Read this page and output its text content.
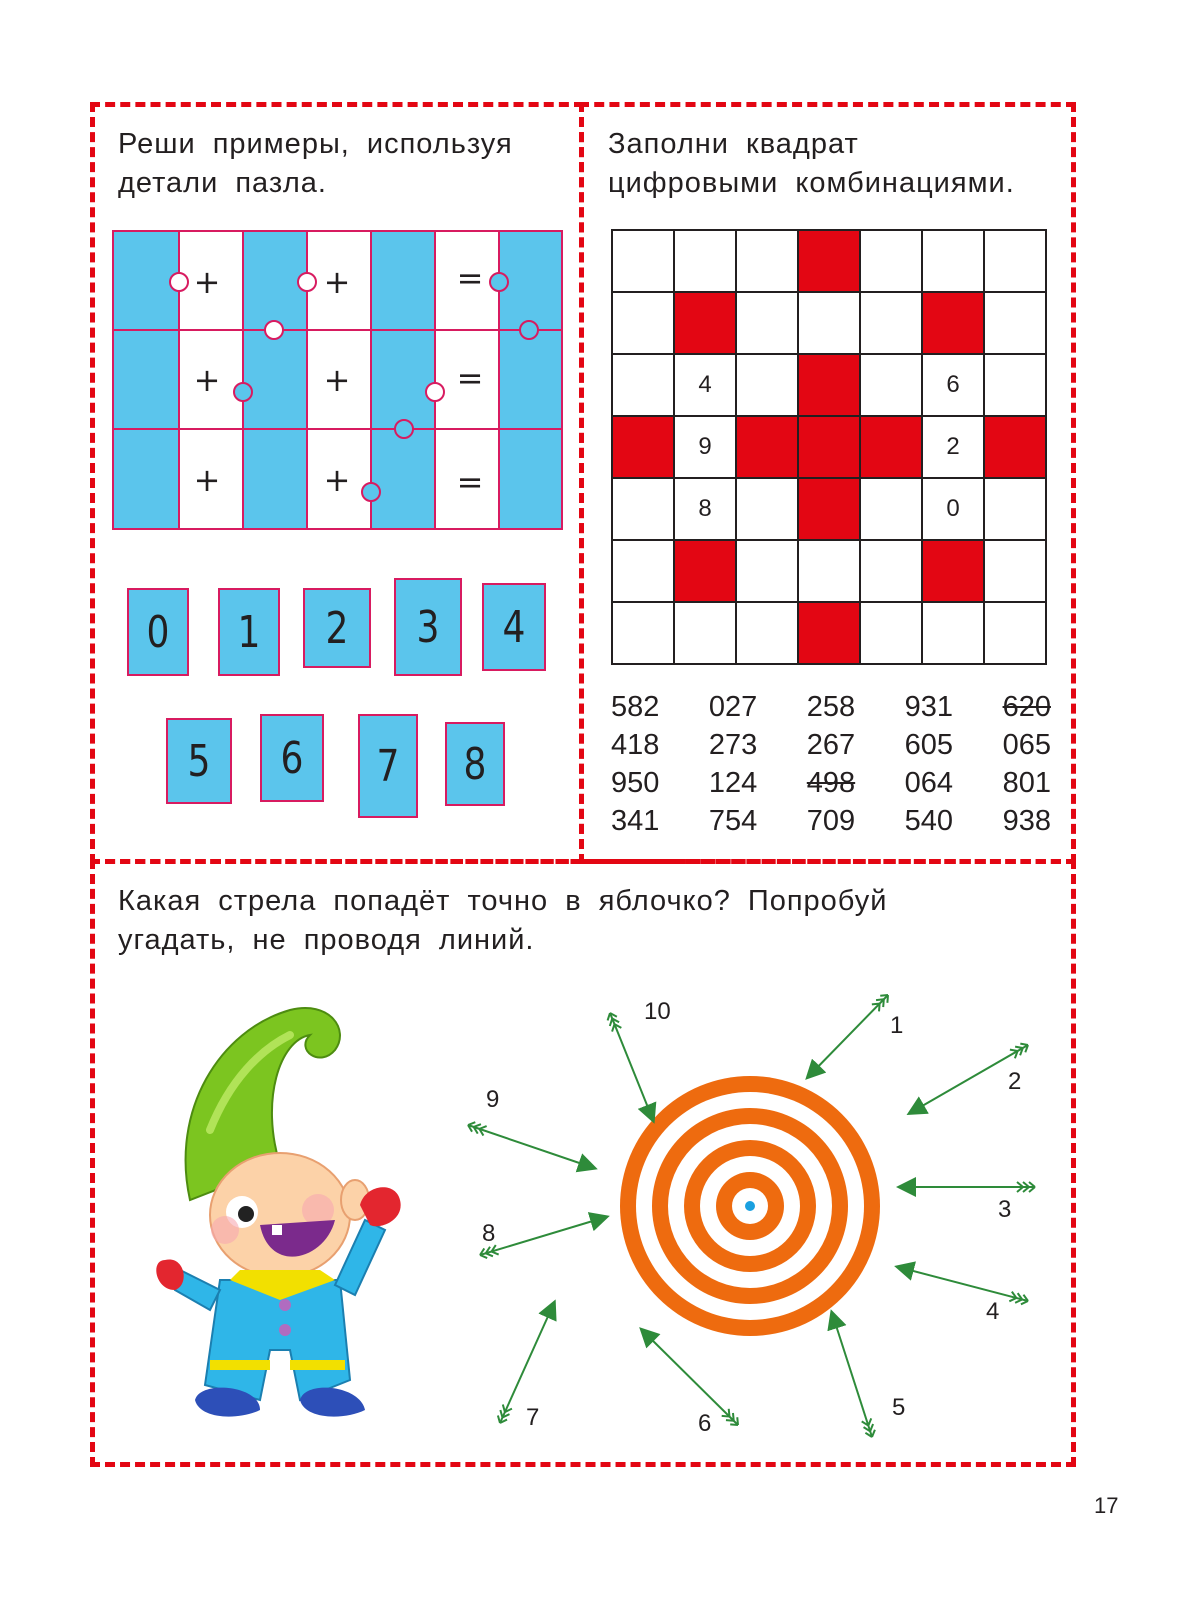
Реши примеры, используя
детали пазла.
+	+	=
+	+	=
+	+	=
0 1 2 3 4
5 6 7 8
Заполни квадрат
цифровыми комбинациями.

	4				6	
	9				2	
	8				0	

582 027 258 931 620
418 273 267 605 065
950 124 498 064 801
341 754 709 540 938
Какая стрела попадёт точно в яблочко? Попробуй
угадать, не проводя линий.
1
2
3
4
5
6
7
8
9
10
17
